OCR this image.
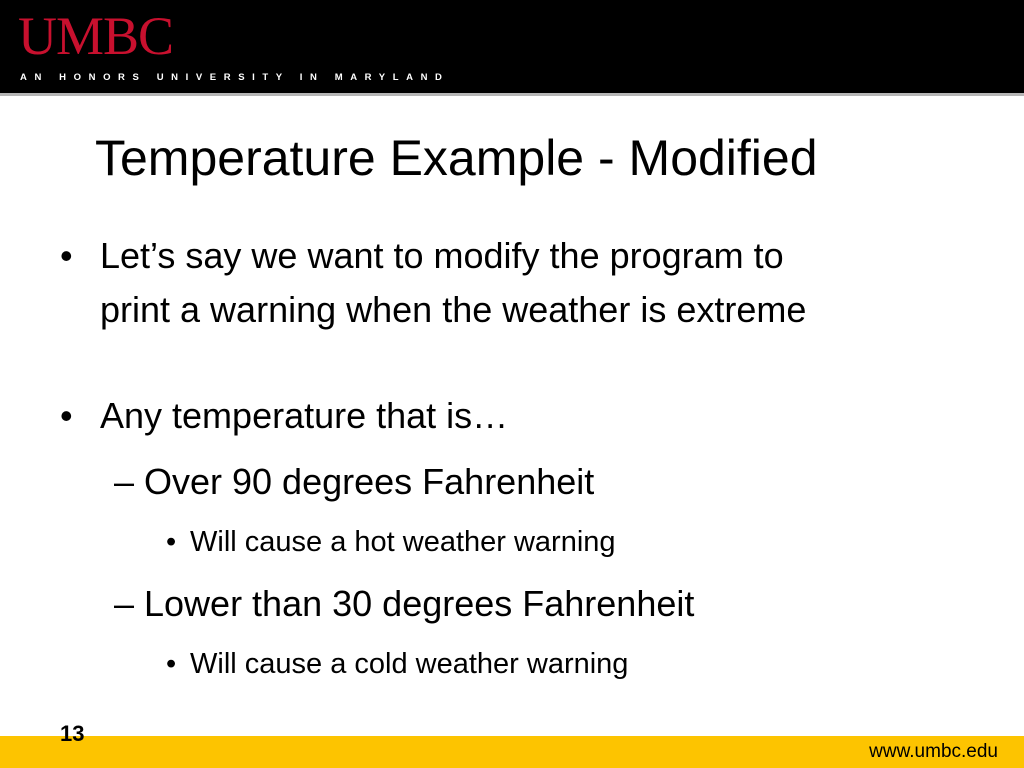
UMBC
AN HONORS UNIVERSITY IN MARYLAND
Temperature Example - Modified
• Let’s say we want to modify the program to
print a warning when the weather is extreme
• Any temperature that is…
– Over 90 degrees Fahrenheit
• Will cause a hot weather warning
– Lower than 30 degrees Fahrenheit
• Will cause a cold weather warning
13
www.umbc.edu
